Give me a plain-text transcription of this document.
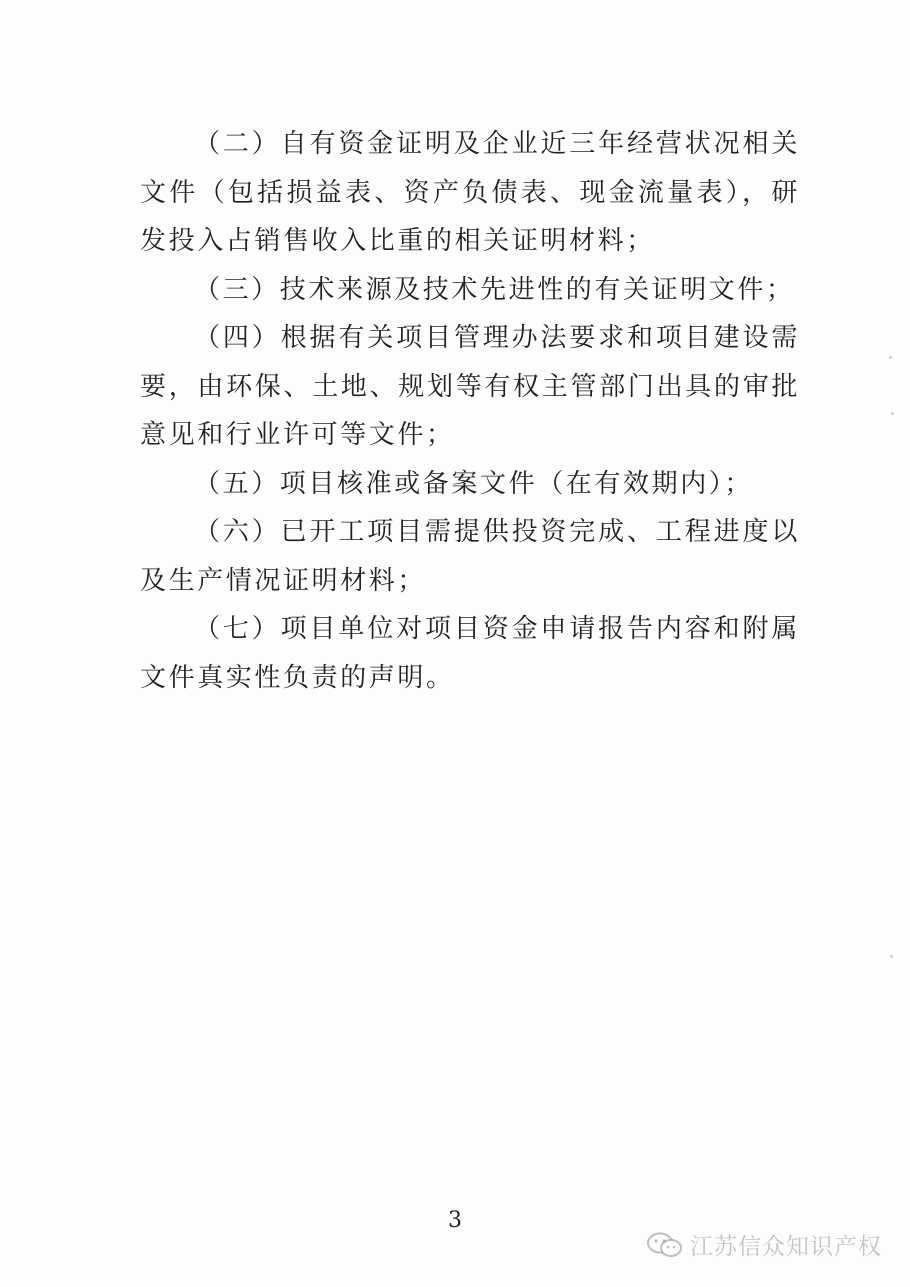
（二）自有资金证明及企业近三年经营状况相关文件（包括损益表、资产负债表、现金流量表），研发投入占销售收入比重的相关证明材料；

（三）技术来源及技术先进性的有关证明文件；

（四）根据有关项目管理办法要求和项目建设需要，由环保、土地、规划等有权主管部门出具的审批意见和行业许可等文件；

（五）项目核准或备案文件（在有效期内）；

（六）已开工项目需提供投资完成、工程进度以及生产情况证明材料；

（七）项目单位对项目资金申请报告内容和附属文件真实性负责的声明。

3
江苏信众知识产权
